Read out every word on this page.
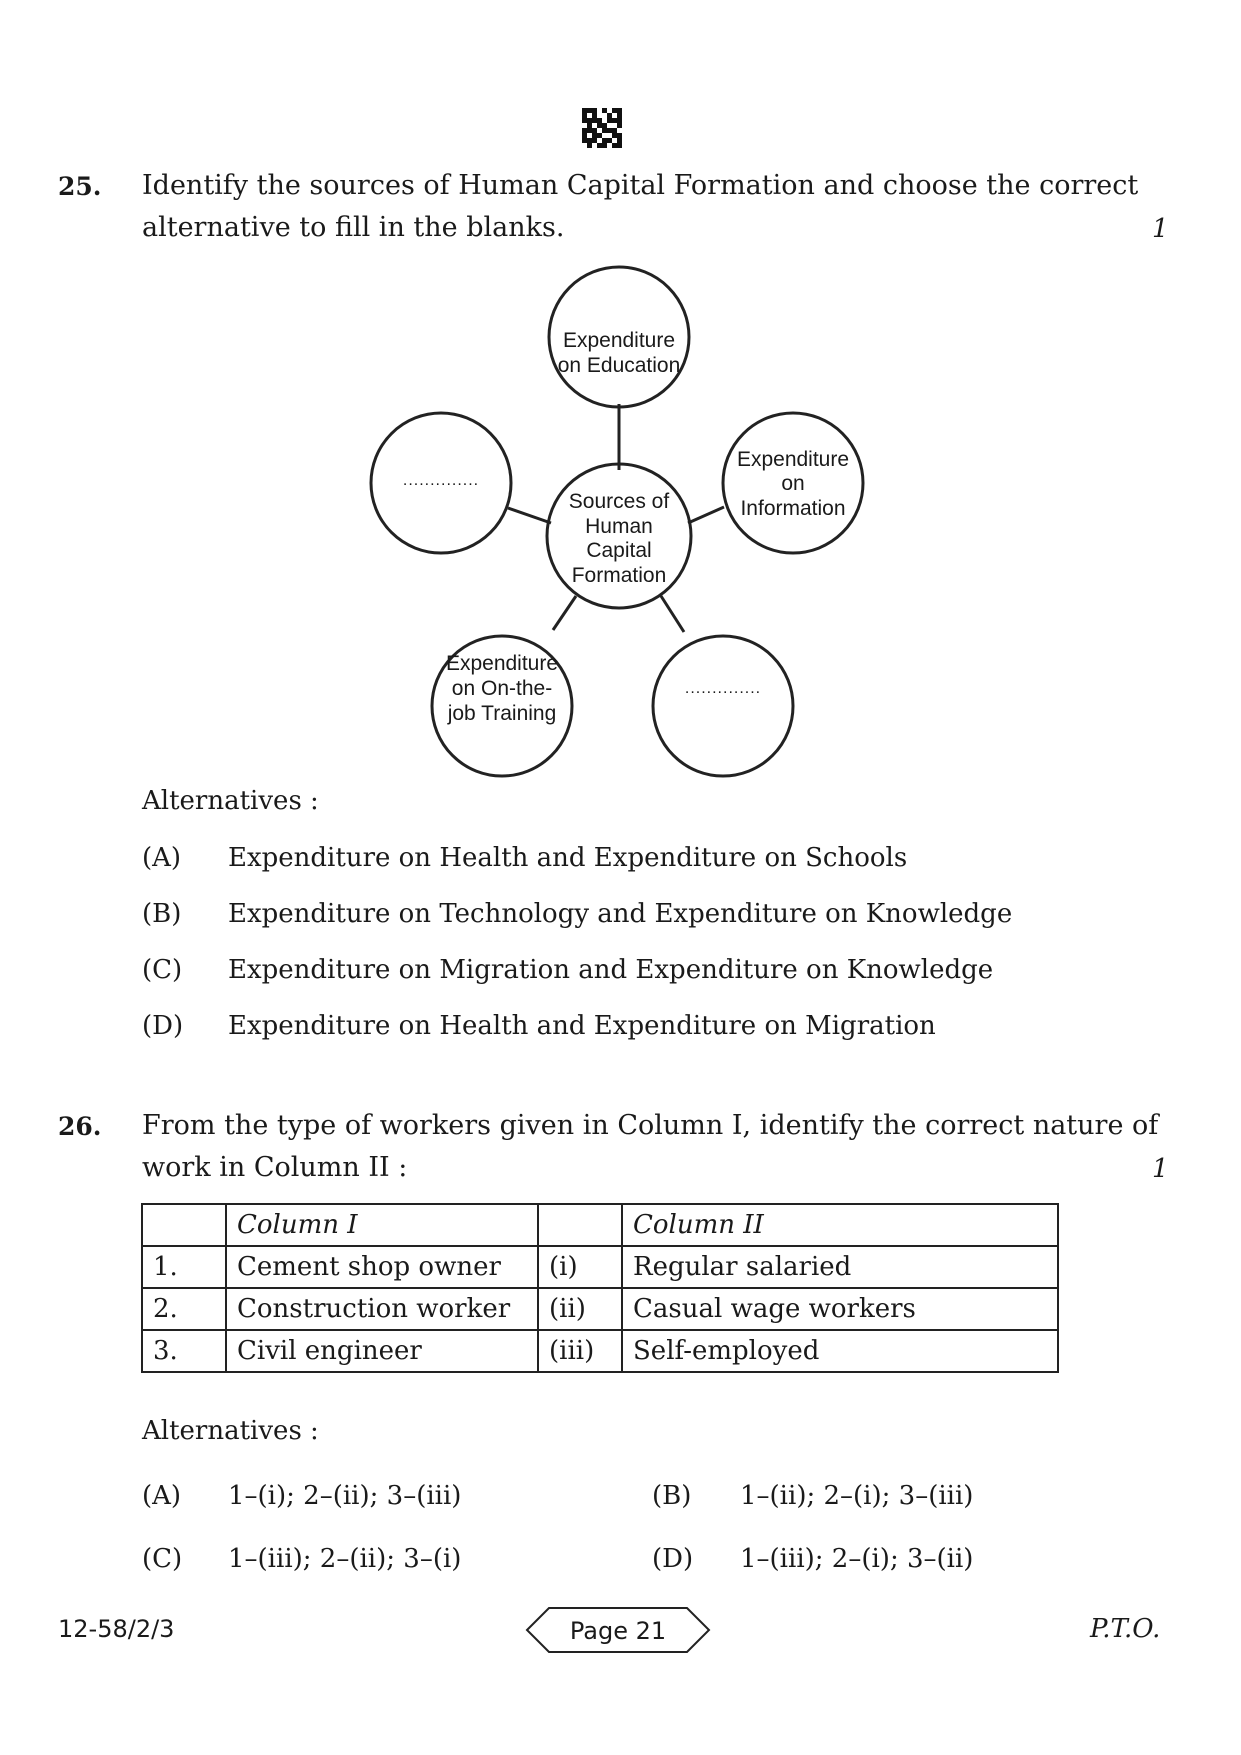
25. Identify the sources of Human Capital Formation and choose the correct
alternative to fill in the blanks.	1
Expenditure
on Education
Sources of
Human
Capital
Formation
Expenditure
on
Information
..............
Expenditure
on On-the-
job Training
..............
Alternatives :
(A) Expenditure on Health and Expenditure on Schools
(B) Expenditure on Technology and Expenditure on Knowledge
(C) Expenditure on Migration and Expenditure on Knowledge
(D) Expenditure on Health and Expenditure on Migration
26. From the type of workers given in Column I, identify the correct nature of
work in Column II :	1
	Column I		Column II
1.	Cement shop owner	(i)	Regular salaried
2.	Construction worker	(ii)	Casual wage workers
3.	Civil engineer	(iii)	Self-employed
Alternatives :
(A) 1–(i); 2–(ii); 3–(iii)	(B) 1–(ii); 2–(i); 3–(iii)
(C) 1–(iii); 2–(ii); 3–(i)	(D) 1–(iii); 2–(i); 3–(ii)
12-58/2/3	Page 21	P.T.O.
